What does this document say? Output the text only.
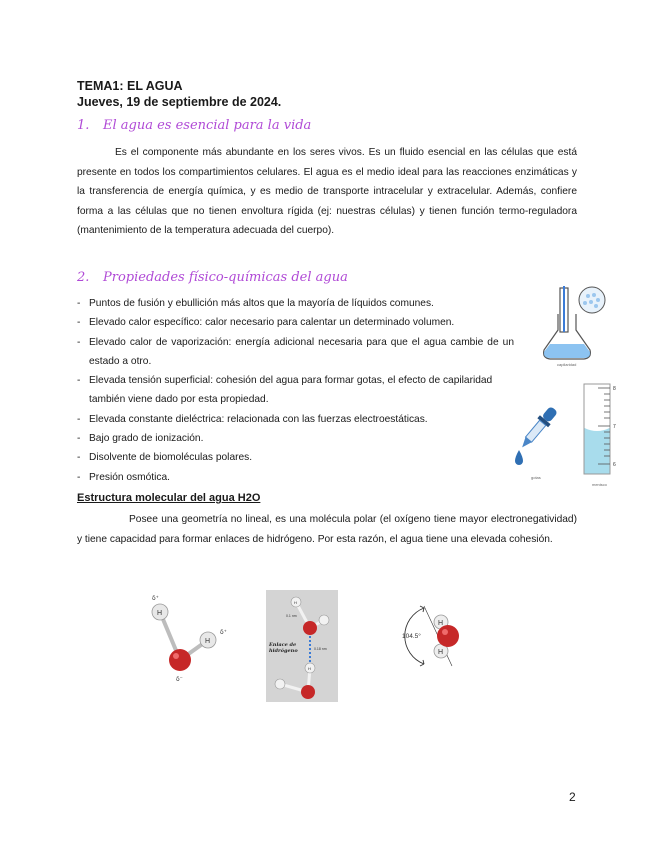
TEMA1: EL AGUA
Jueves, 19 de septiembre de 2024.
1. El agua es esencial para la vida
Es el componente más abundante en los seres vivos. Es un fluido esencial en las células que está presente en todos los compartimientos celulares. El agua es el medio ideal para las reacciones enzimáticas y la transferencia de energía química, y es medio de transporte intracelular y extracelular. Además, confiere forma a las células que no tienen envoltura rígida (ej: nuestras células) y tienen función termo-reguladora (mantenimiento de la temperatura adecuada del cuerpo).
2. Propiedades físico-químicas del agua
- Puntos de fusión y ebullición más altos que la mayoría de líquidos comunes.
- Elevado calor específico: calor necesario para calentar un determinado volumen.
- Elevado calor de vaporización: energía adicional necesaria para que el agua cambie de un estado a otro.
- Elevada tensión superficial: cohesión del agua para formar gotas, el efecto de capilaridad también viene dado por esta propiedad.
- Elevada constante dieléctrica: relacionada con las fuerzas electroestáticas.
- Bajo grado de ionización.
- Disolvente de biomoléculas polares.
- Presión osmótica.
capilaridad
gotas
8
7
6
menisco
Estructura molecular del agua H2O
Posee una geometría no lineal, es una molécula polar (el oxígeno tiene mayor electronegatividad) y tiene capacidad para formar enlaces de hidrógeno. Por esta razón, el agua tiene una elevada cohesión.
H
H
δ⁺
δ⁺
δ⁻
H
H
0.1 nm
0.18 nm
Enlace de
hidrógeno
H
H
104.5°
2
